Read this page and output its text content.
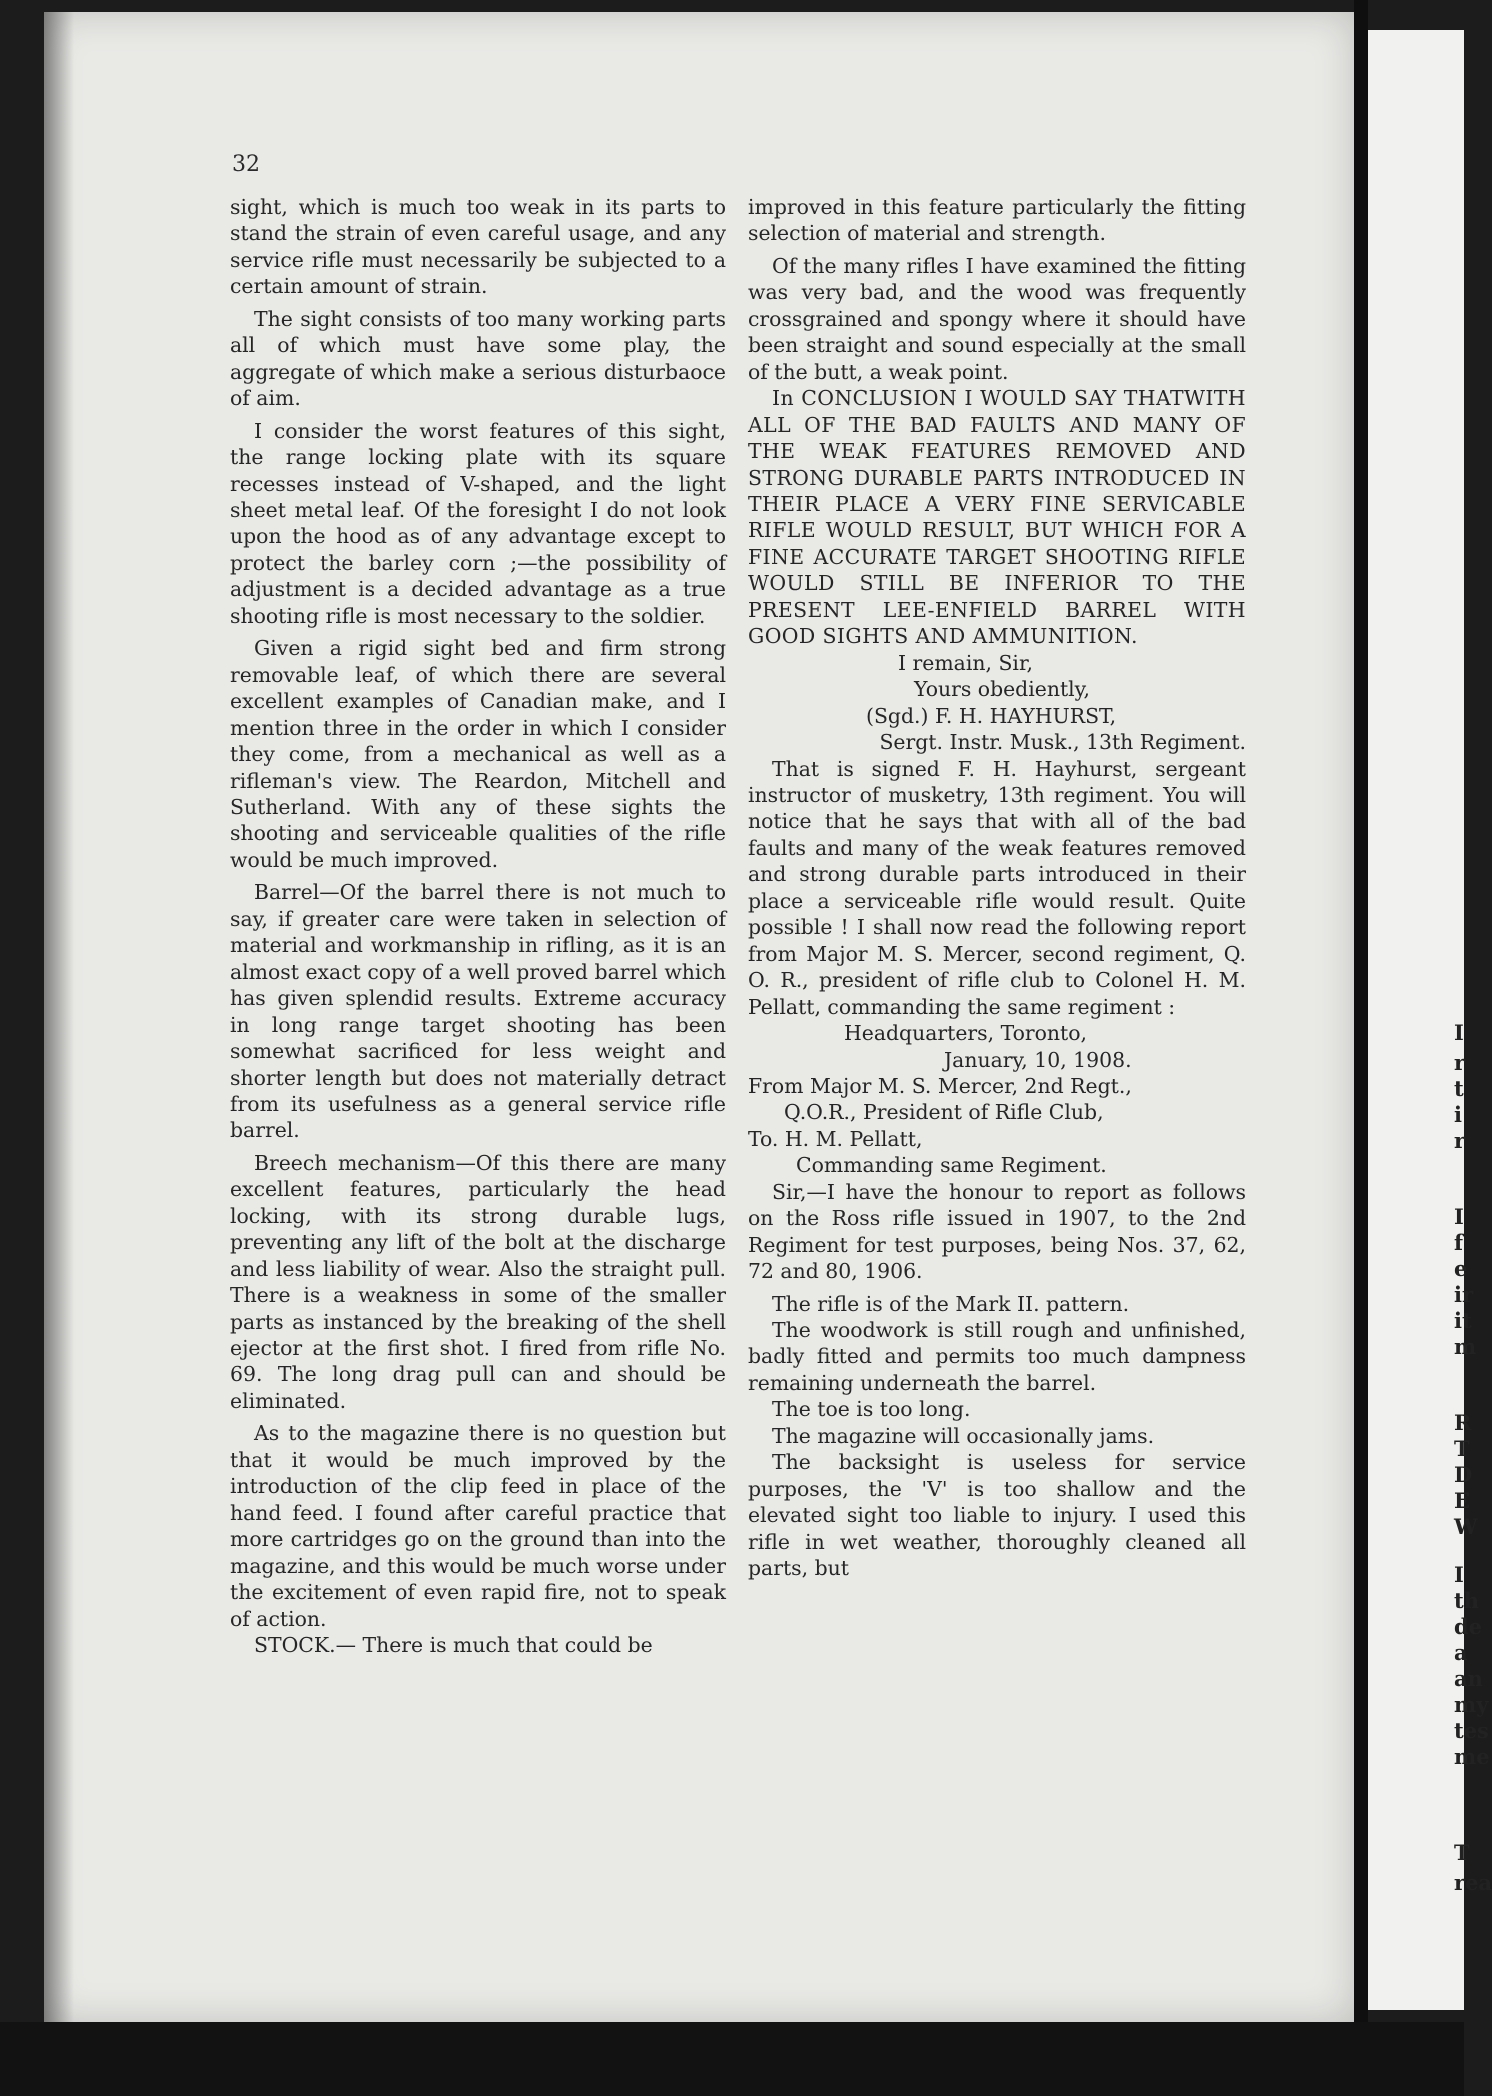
32

sight, which is much too weak in its parts to stand the strain of even careful usage, and any service rifle must necessarily be subjected to a certain amount of strain.

The sight consists of too many working parts all of which must have some play, the aggregate of which make a serious disturbaoce of aim.

I consider the worst features of this sight, the range locking plate with its square recesses instead of V-shaped, and the light sheet metal leaf. Of the foresight I do not look upon the hood as of any advantage except to protect the barley corn ;—the possibility of adjustment is a decided advantage as a true shooting rifle is most necessary to the soldier.

Given a rigid sight bed and firm strong removable leaf, of which there are several excellent examples of Canadian make, and I mention three in the order in which I consider they come, from a mechanical as well as a rifleman's view. The Reardon, Mitchell and Sutherland. With any of these sights the shooting and serviceable qualities of the rifle would be much improved.

Barrel—Of the barrel there is not much to say, if greater care were taken in selection of material and workmanship in rifling, as it is an almost exact copy of a well proved barrel which has given splendid results. Extreme accuracy in long range target shooting has been somewhat sacrificed for less weight and shorter length but does not materially detract from its usefulness as a general service rifle barrel.

Breech mechanism—Of this there are many excellent features, particularly the head locking, with its strong durable lugs, preventing any lift of the bolt at the discharge and less liability of wear. Also the straight pull. There is a weakness in some of the smaller parts as instanced by the breaking of the shell ejector at the first shot. I fired from rifle No. 69. The long drag pull can and should be eliminated.

As to the magazine there is no question but that it would be much improved by the introduction of the clip feed in place of the hand feed. I found after careful practice that more cartridges go on the ground than into the magazine, and this would be much worse under the excitement of even rapid fire, not to speak of action.

STOCK.— There is much that could be

improved in this feature particularly the fitting selection of material and strength.

Of the many rifles I have examined the fitting was very bad, and the wood was frequently crossgrained and spongy where it should have been straight and sound especially at the small of the butt, a weak point.

In CONCLUSION I WOULD SAY THATWITH ALL OF THE BAD FAULTS AND MANY OF THE WEAK FEATURES REMOVED AND STRONG DURABLE PARTS INTRODUCED IN THEIR PLACE A VERY FINE SERVICABLE RIFLE WOULD RESULT, BUT WHICH FOR A FINE ACCURATE TARGET SHOOTING RIFLE WOULD STILL BE INFERIOR TO THE PRESENT LEE-ENFIELD BARREL WITH GOOD SIGHTS AND AMMUNITION.

I remain, Sir,

Yours obediently,

(Sgd.) F. H. HAYHURST,

Sergt. Instr. Musk., 13th Regiment.

That is signed F. H. Hayhurst, sergeant instructor of musketry, 13th regiment. You will notice that he says that with all of the bad faults and many of the weak features removed and strong durable parts introduced in their place a serviceable rifle would result. Quite possible ! I shall now read the following report from Major M. S. Mercer, second regiment, Q. O. R., president of rifle club to Colonel H. M. Pellatt, commanding the same regiment :

Headquarters, Toronto,

January, 10, 1908.

From Major M. S. Mercer, 2nd Regt.,

Q.O.R., President of Rifle Club,

To. H. M. Pellatt,

Commanding same Regiment.

Sir,—I have the honour to report as follows on the Ross rifle issued in 1907, to the 2nd Regiment for test purposes, being Nos. 37, 62, 72 and 80, 1906.

The rifle is of the Mark II. pattern.

The woodwork is still rough and unfinished, badly fitted and permits too much dampness remaining underneath the barrel.

The toe is too long.

The magazine will occasionally jams.

The backsight is useless for service purposes, the 'V' is too shallow and the elevated sight too liable to injury. I used this rifle in wet weather, thoroughly cleaned all parts, but

I
r
t
i
r
I
f
e
ir
it
m
R
T
D
E
W
I
th
de
a
an
my
tes
me
T
rea
